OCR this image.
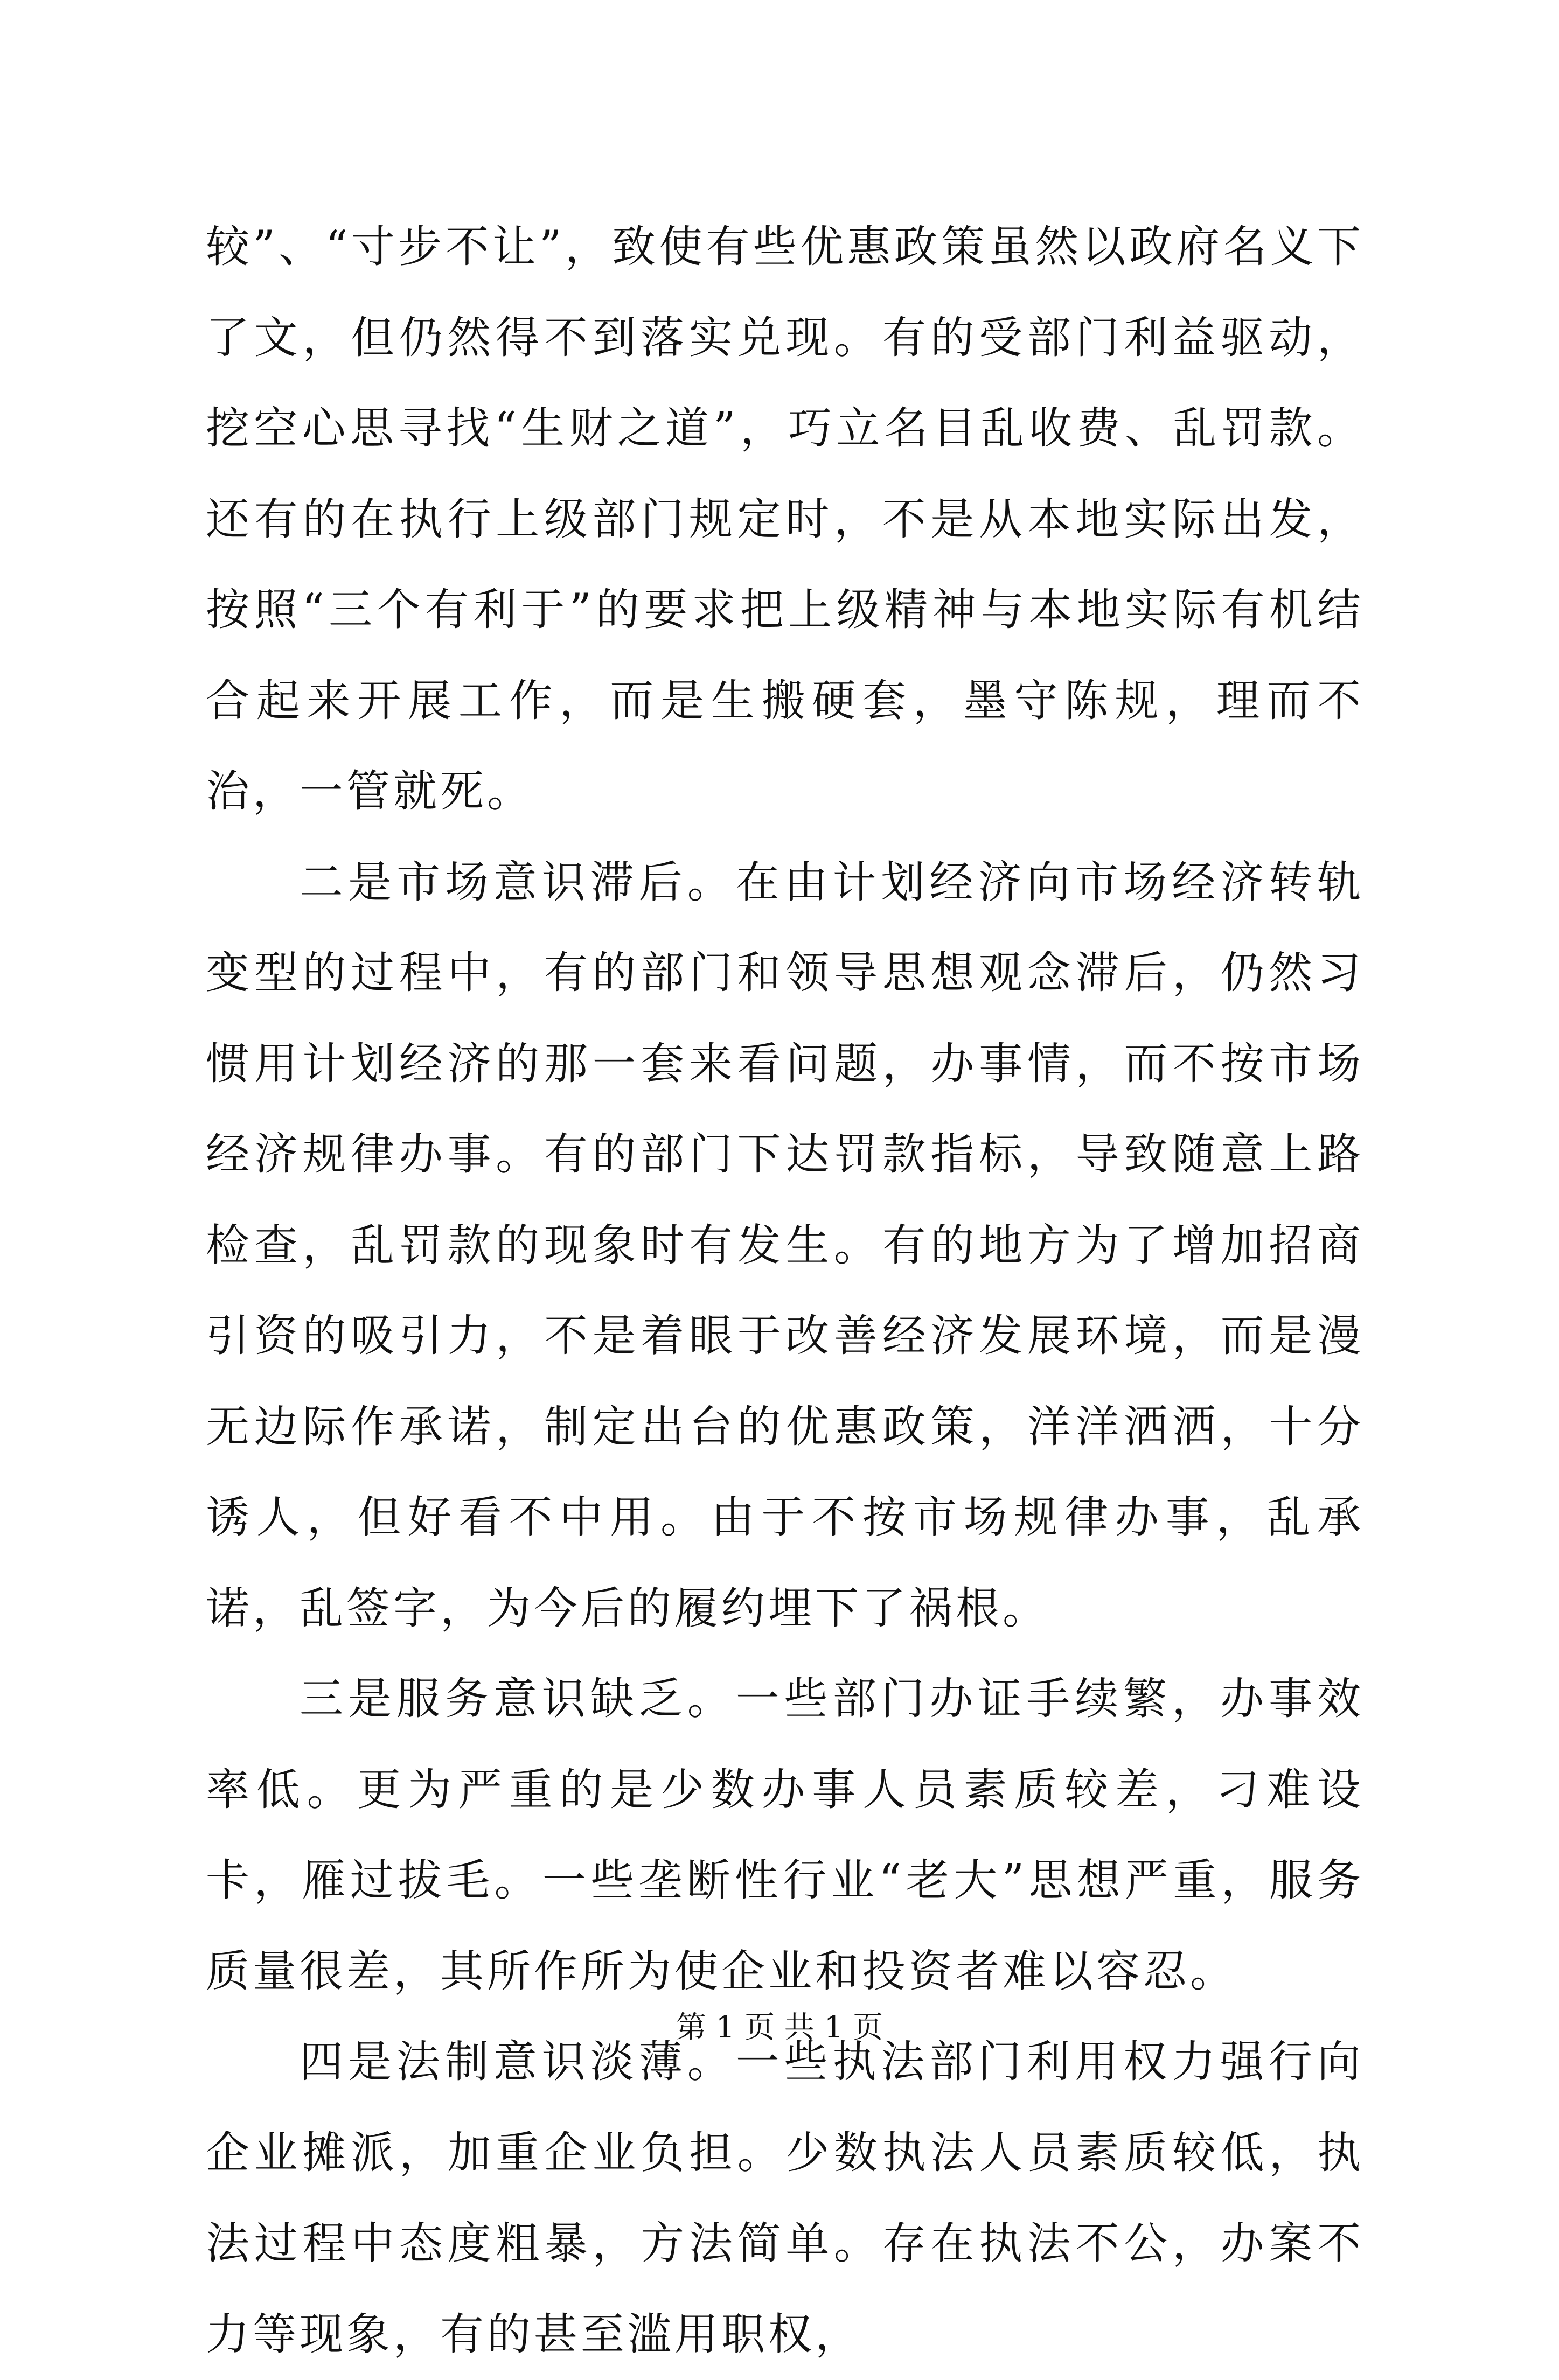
较”、“寸步不让”，致使有些优惠政策虽然以政府名义下了文，但仍然得不到落实兑现。有的受部门利益驱动，挖空心思寻找“生财之道”，巧立名目乱收费、乱罚款。还有的在执行上级部门规定时，不是从本地实际出发，按照“三个有利于”的要求把上级精神与本地实际有机结合起来开展工作，而是生搬硬套，墨守陈规，理而不治，一管就死。

二是市场意识滞后。在由计划经济向市场经济转轨变型的过程中，有的部门和领导思想观念滞后，仍然习惯用计划经济的那一套来看问题，办事情，而不按市场经济规律办事。有的部门下达罚款指标，导致随意上路检查，乱罚款的现象时有发生。有的地方为了增加招商引资的吸引力，不是着眼于改善经济发展环境，而是漫无边际作承诺，制定出台的优惠政策，洋洋洒洒，十分诱人，但好看不中用。由于不按市场规律办事，乱承诺，乱签字，为今后的履约埋下了祸根。

三是服务意识缺乏。一些部门办证手续繁，办事效率低。更为严重的是少数办事人员素质较差，刁难设卡，雁过拔毛。一些垄断性行业“老大”思想严重，服务质量很差，其所作所为使企业和投资者难以容忍。

四是法制意识淡薄。一些执法部门利用权力强行向企业摊派，加重企业负担。少数执法人员素质较低，执法过程中态度粗暴，方法简单。存在执法不公，办案不力等现象，有的甚至滥用职权，

第 1 页 共 1 页
